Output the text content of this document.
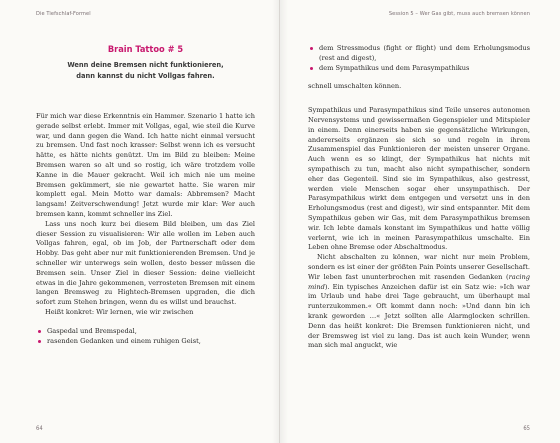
Die Tiefschlaf-Formel
Brain Tattoo # 5
Wenn deine Bremsen nicht funktionieren,
dann kannst du nicht Vollgas fahren.

Für mich war diese Erkenntnis ein Hammer. Szenario 1 hatte ich gerade selbst erlebt. Immer mit Vollgas, egal, wie steil die Kurve war, und dann gegen die Wand. Ich hatte nicht einmal versucht zu bremsen. Und fast noch krasser: Selbst wenn ich es versucht hätte, es hätte nichts genützt. Um im Bild zu bleiben: Meine Bremsen waren so alt und so rostig, ich wäre trotzdem volle Kanne in die Mauer gekracht. Weil ich mich nie um meine Bremsen gekümmert, sie nie gewartet hatte. Sie waren mir komplett egal. Mein Motto war damals: Abbremsen? Macht langsam! Zeitverschwendung! Jetzt wurde mir klar: Wer auch bremsen kann, kommt schneller ins Ziel.

Lass uns noch kurz bei diesem Bild bleiben, um das Ziel dieser Session zu visualisieren: Wir alle wollen im Leben auch Vollgas fahren, egal, ob im Job, der Partnerschaft oder dem Hobby. Das geht aber nur mit funktionierenden Bremsen. Und je schneller wir unterwegs sein wollen, desto besser müssen die Bremsen sein. Unser Ziel in dieser Session: deine vielleicht etwas in die Jahre gekommenen, verrosteten Bremsen mit einem langen Bremsweg zu Hightech-Bremsen upgraden, die dich sofort zum Stehen bringen, wenn du es willst und brauchst.

Heißt konkret: Wir lernen, wie wir zwischen

Gaspedal und Bremspedal,
rasenden Gedanken und einem ruhigen Geist,
64
Session 5 – Wer Gas gibt, muss auch bremsen können
dem Stressmodus (fight or flight) und dem Erholungsmodus (rest and digest),
dem Sympathikus und dem Parasympathikus

schnell umschalten können.

Sympathikus und Parasympathikus sind Teile unseres autonomen Nervensystems und gewissermaßen Gegenspieler und Mitspieler in einem. Denn einerseits haben sie gegensätzliche Wirkungen, andererseits ergänzen sie sich so und regeln in ihrem Zusammenspiel das Funktionieren der meisten unserer Organe. Auch wenn es so klingt, der Sympathikus hat nichts mit sympathisch zu tun, macht also nicht sympathischer, sondern eher das Gegenteil. Sind sie im Sympathikus, also gestresst, werden viele Menschen sogar eher unsympathisch. Der Parasympathikus wirkt dem entgegen und versetzt uns in den Erholungsmodus (rest and digest), wir sind entspannter. Mit dem Sympathikus geben wir Gas, mit dem Parasympathikus bremsen wir. Ich lebte damals konstant im Sympathikus und hatte völlig verlernt, wie ich in meinen Parasympathikus umschalte. Ein Leben ohne Bremse oder Abschaltmodus.

Nicht abschalten zu können, war nicht nur mein Problem, sondern es ist einer der größten Pain Points unserer Gesellschaft. Wir leben fast ununterbrochen mit rasenden Gedanken (racing mind). Ein typisches Anzeichen dafür ist ein Satz wie: »Ich war im Urlaub und habe drei Tage gebraucht, um überhaupt mal runterzukommen.« Oft kommt dann noch: »Und dann bin ich krank geworden …« Jetzt sollten alle Alarmglocken schrillen. Denn das heißt konkret: Die Bremsen funktionieren nicht, und der Bremsweg ist viel zu lang. Das ist auch kein Wunder, wenn man sich mal anguckt, wie

65
